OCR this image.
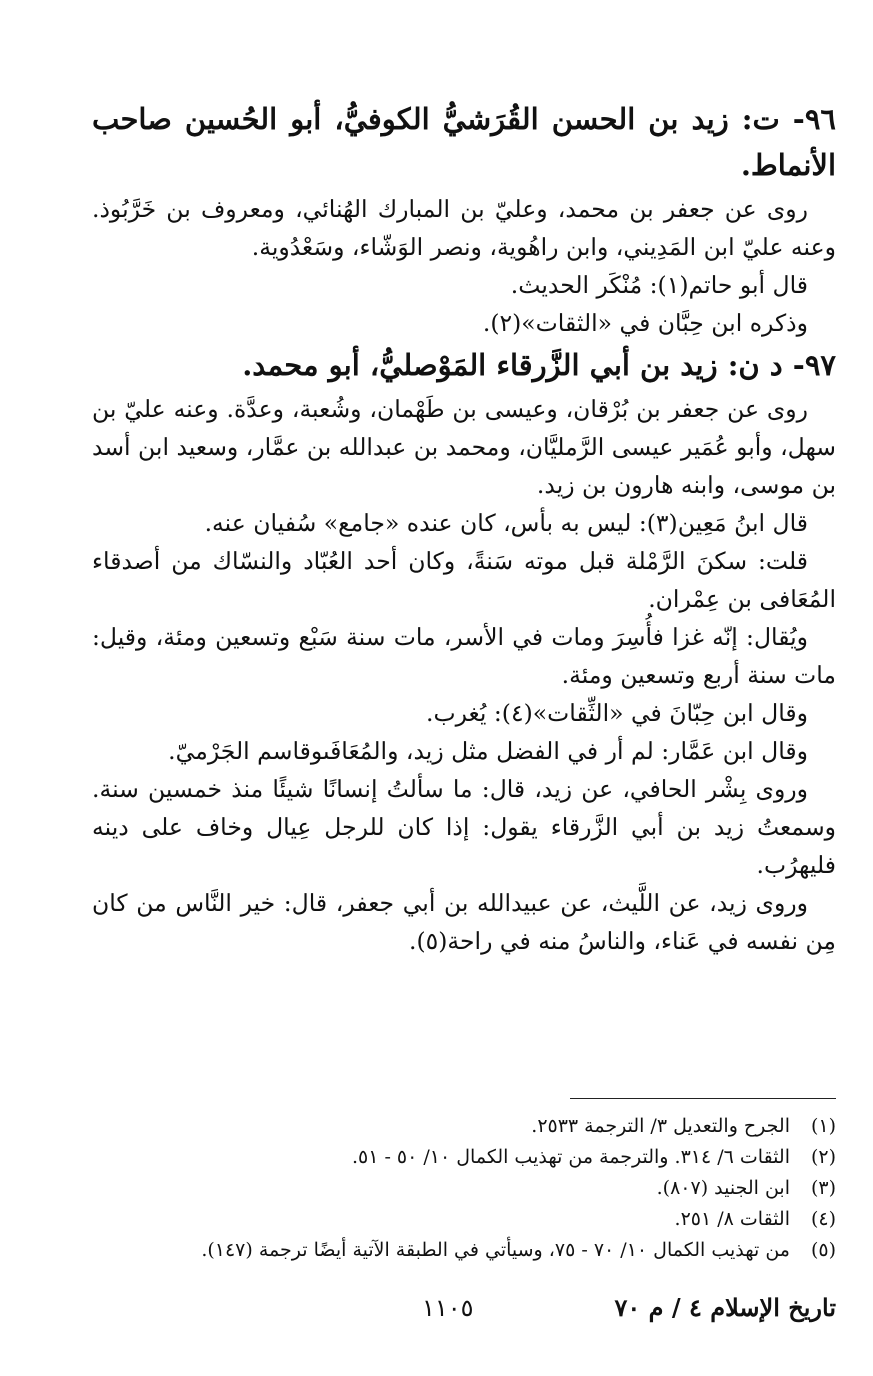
٩٦- ت: زيد بن الحسن القُرَشيُّ الكوفيُّ، أبو الحُسين صاحب الأنماط.

روى عن جعفر بن محمد، وعليّ بن المبارك الهُنائي، ومعروف بن خَرَّبُوذ. وعنه عليّ ابن المَدِيني، وابن راهُوية، ونصر الوَشّاء، وسَعْدُوية.

قال أبو حاتم(١): مُنْكَر الحديث.

وذكره ابن حِبَّان في «الثقات»(٢).

٩٧- د ن: زيد بن أبي الزَّرقاء المَوْصليُّ، أبو محمد.

روى عن جعفر بن بُرْقان، وعيسى بن طَهْمان، وشُعبة، وعدَّة. وعنه عليّ بن سهل، وأبو عُمَير عيسى الرَّمليَّان، ومحمد بن عبدالله بن عمَّار، وسعيد ابن أسد بن موسى، وابنه هارون بن زيد.

قال ابنُ مَعِين(٣): ليس به بأس، كان عنده «جامع» سُفيان عنه.

قلت: سكنَ الرَّمْلة قبل موته سَنةً، وكان أحد العُبّاد والنسّاك من أصدقاء المُعَافى بن عِمْران.

ويُقال: إنّه غزا فأُسِرَ ومات في الأسر، مات سنة سَبْع وتسعين ومئة، وقيل: مات سنة أربع وتسعين ومئة.

وقال ابن حِبّانَ في «الثِّقات»(٤): يُغرب.

وقال ابن عَمَّار: لم أر في الفضل مثل زيد، والمُعَافَىوقاسم الجَرْميّ.

وروى بِشْر الحافي، عن زيد، قال: ما سألتُ إنسانًا شيئًا منذ خمسين سنة. وسمعتُ زيد بن أبي الزَّرقاء يقول: إذا كان للرجل عِيال وخاف على دينه فليهرُب.

وروى زيد، عن اللَّيث، عن عبيدالله بن أبي جعفر، قال: خير النَّاس من كان مِن نفسه في عَناء، والناسُ منه في راحة(٥).

(١)الجرح والتعديل ٣/ الترجمة ٢٥٣٣.

(٢)الثقات ٦/ ٣١٤. والترجمة من تهذيب الكمال ١٠/ ٥٠ - ٥١.

(٣)ابن الجنيد (٨٠٧).

(٤)الثقات ٨/ ٢٥١.

(٥)من تهذيب الكمال ١٠/ ٧٠ - ٧٥، وسيأتي في الطبقة الآتية أيضًا ترجمة (١٤٧).

تاريخ الإسلام ٤ / م ٧٠
١١٠٥
